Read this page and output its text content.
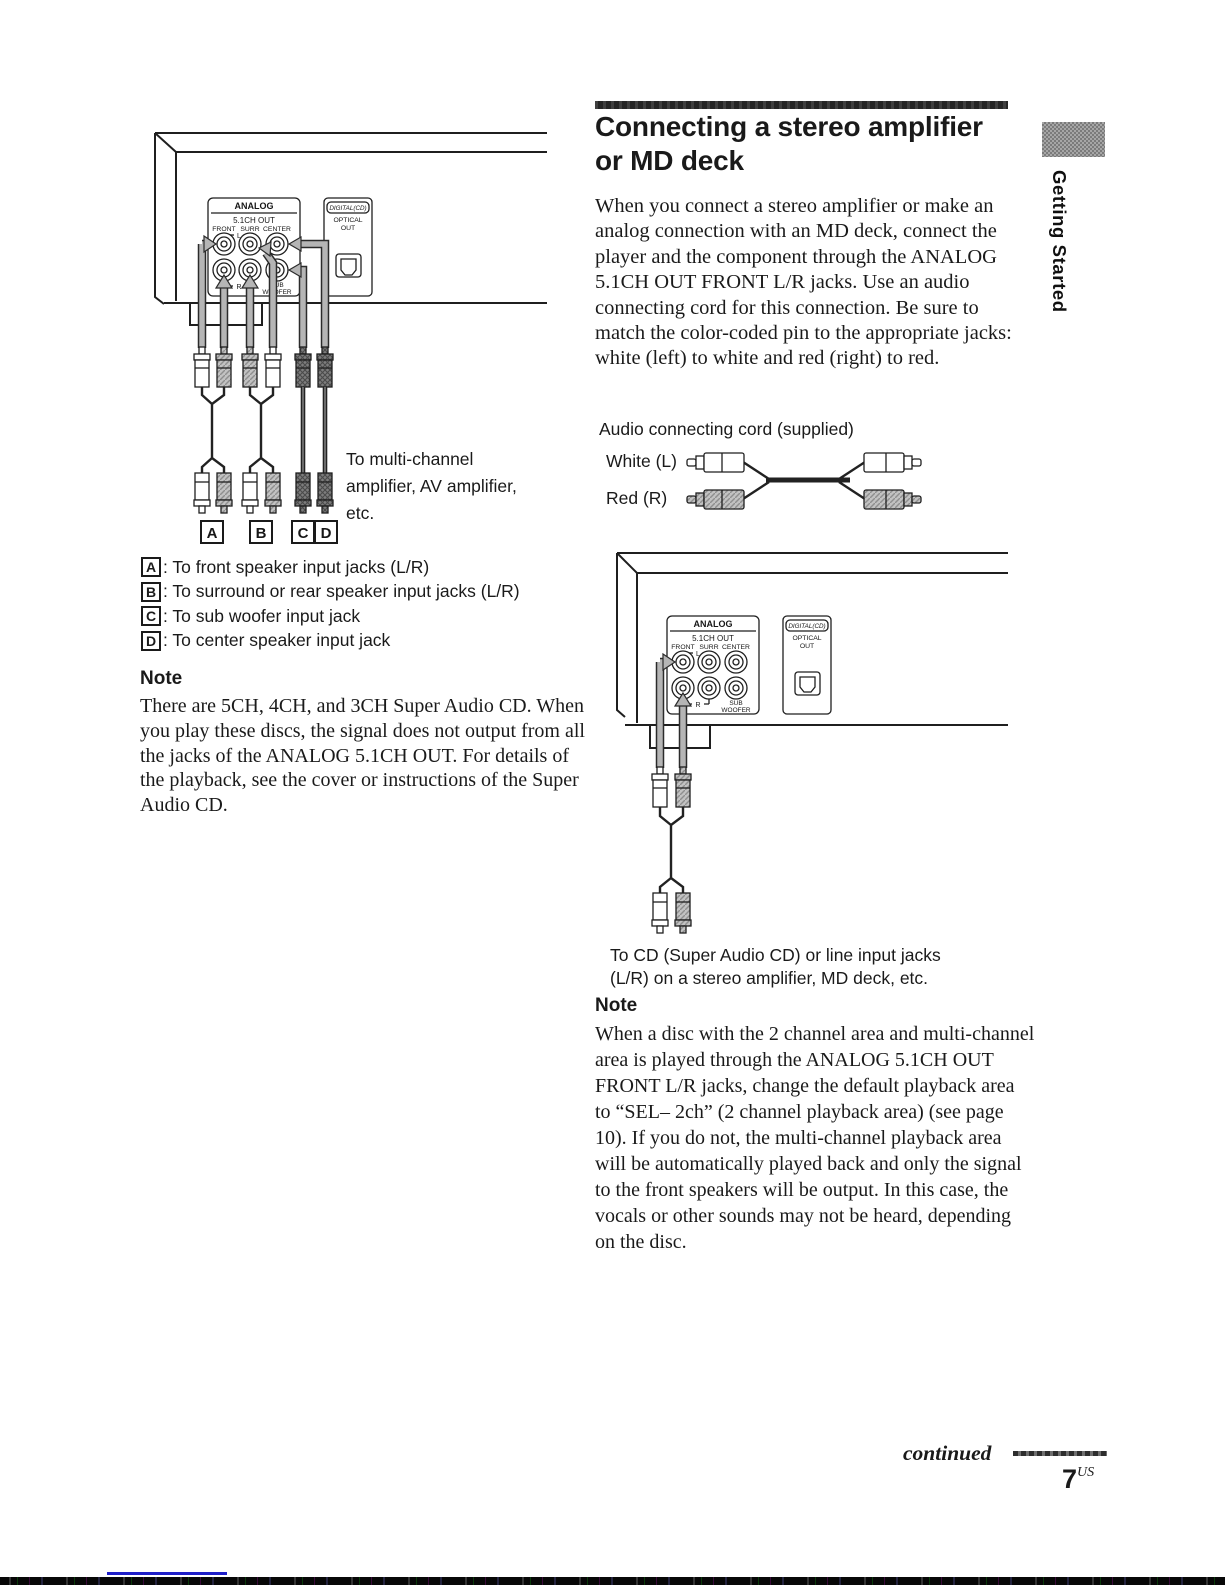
ANALOG
5.1CH OUT
FRONT SURR CENTER
L
R	SUB
WOOFER
DIGITAL(CD)
OPTICAL
OUT
A	B C D
To multi-channel
amplifier, AV amplifier,
etc.
A : To front speaker input jacks (L/R)
B : To surround or rear speaker input jacks (L/R)
C : To sub woofer input jack
D : To center speaker input jack
Note
There are 5CH, 4CH, and 3CH Super Audio CD. When you play these discs, the signal does not output from all the jacks of the ANALOG 5.1CH OUT. For details of the playback, see the cover or instructions of the Super Audio CD.
Connecting a stereo amplifier
or MD deck
When you connect a stereo amplifier or make an analog connection with an MD deck, connect the player and the component through the ANALOG 5.1CH OUT FRONT L/R jacks. Use an audio connecting cord for this connection. Be sure to match the color-coded pin to the appropriate jacks: white (left) to white and red (right) to red.
Audio connecting cord (supplied)
White (L)
Red (R)
ANALOG
5.1CH OUT
FRONT SURR CENTER
L
R	SUB
WOOFER
DIGITAL(CD)
OPTICAL
OUT
To CD (Super Audio CD) or line input jacks
(L/R) on a stereo amplifier, MD deck, etc.
Note
When a disc with the 2 channel area and multi-channel area is played through the ANALOG 5.1CH OUT FRONT L/R jacks, change the default playback area to “SEL– 2ch” (2 channel playback area) (see page 10). If you do not, the multi-channel playback area will be automatically played back and only the signal to the front speakers will be output. In this case, the vocals or other sounds may not be heard, depending on the disc.
Getting Started
continued
$7^{US}$
